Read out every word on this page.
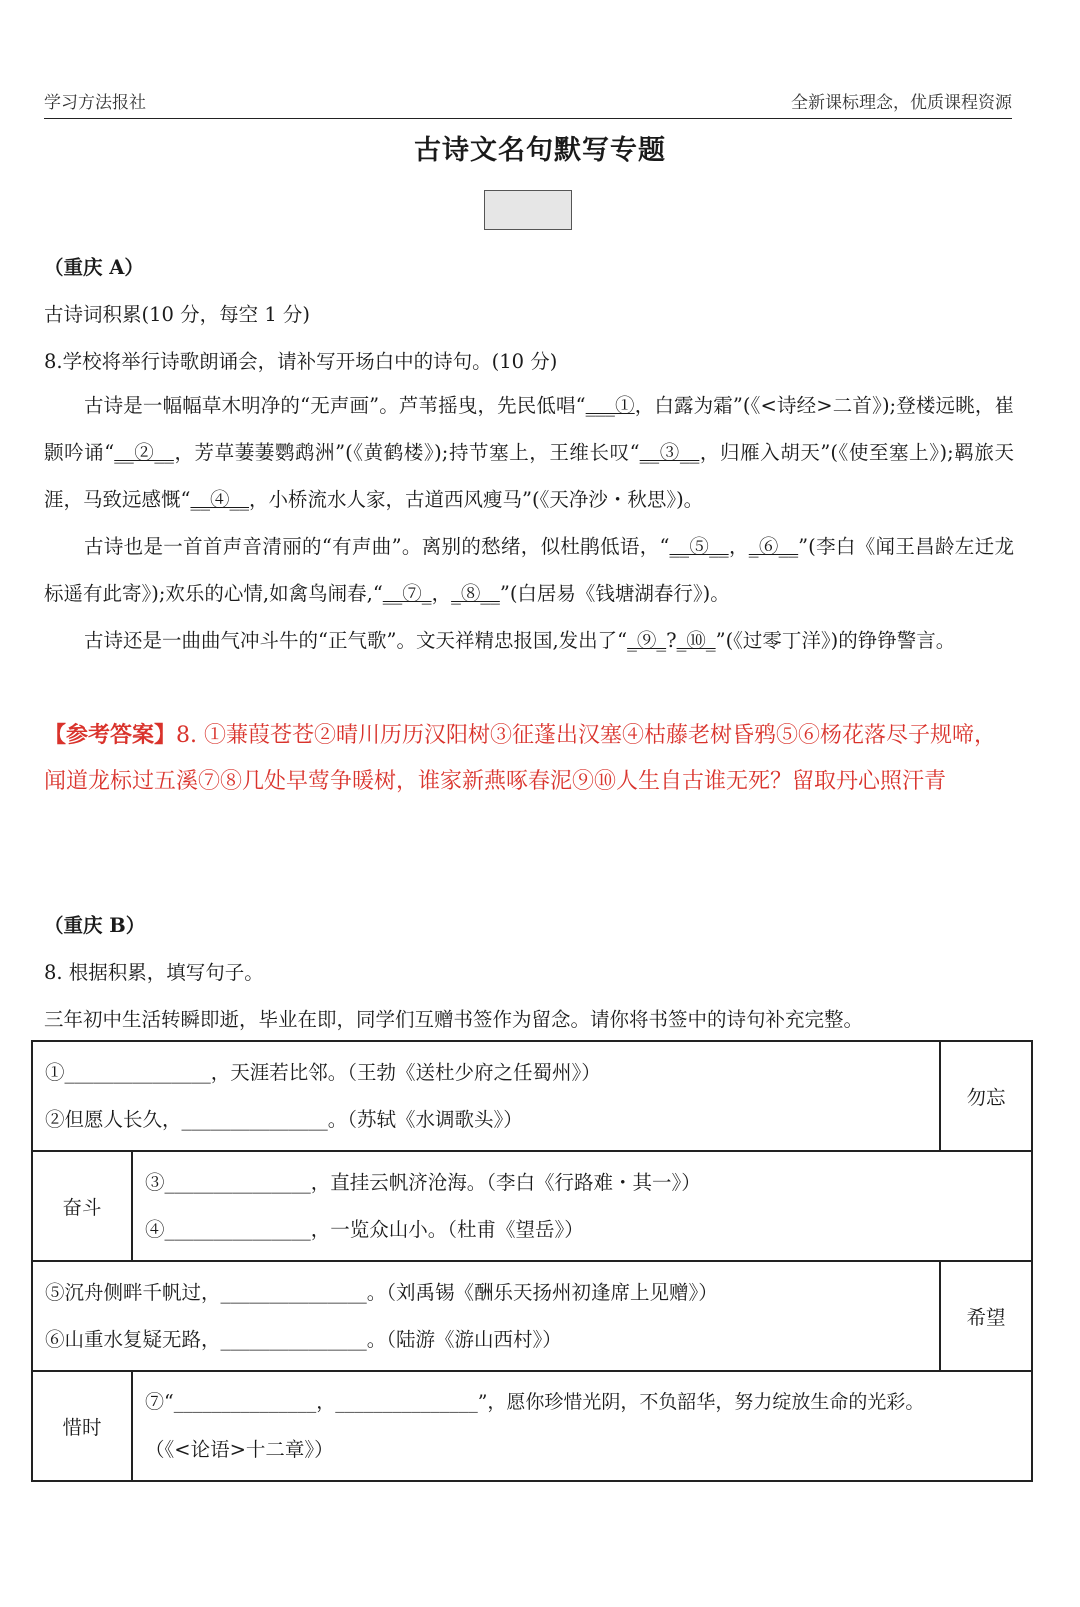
学习方法报社	全新课标理念，优质课程资源
古诗文名句默写专题
（重庆 A）
古诗词积累(10 分，每空 1 分)
8.学校将举行诗歌朗诵会，请补写开场白中的诗句。(10 分)
古诗是一幅幅草木明净的“无声画”。芦苇摇曳，先民低唱“___①，白露为霜”(《<诗经>二首》);登楼远眺，崔颢吟诵“__②__，芳草萋萋鹦鹉洲”(《黄鹤楼》);持节塞上，王维长叹“__③__，归雁入胡天”(《使至塞上》);羁旅天涯，马致远感慨“__④__，小桥流水人家，古道西风瘦马”(《天净沙・秋思》)。
古诗也是一首首声音清丽的“有声曲”。离别的愁绪，似杜鹃低语，“__⑤__，_⑥__”(李白《闻王昌龄左迁龙标遥有此寄》);欢乐的心情,如禽鸟闹春,“__⑦_，_⑧__”(白居易《钱塘湖春行》)。
古诗还是一曲曲气冲斗牛的“正气歌”。文天祥精忠报国,发出了“_⑨_?_⑩_”(《过零丁洋》)的铮铮警言。
【参考答案】8. ①蒹葭苍苍②晴川历历汉阳树③征蓬出汉塞④枯藤老树昏鸦⑤⑥杨花落尽子规啼，闻道龙标过五溪⑦⑧几处早莺争暖树，谁家新燕啄春泥⑨⑩人生自古谁无死？留取丹心照汗青
（重庆 B）
8. 根据积累，填写句子。
三年初中生活转瞬即逝，毕业在即，同学们互赠书签作为留念。请你将书签中的诗句补充完整。
①_______________，天涯若比邻。（王勃《送杜少府之任蜀州》）
②但愿人长久，_______________。（苏轼《水调歌头》）		勿忘
奋斗	③_______________，直挂云帆济沧海。（李白《行路难・其一》）
④_______________，一览众山小。（杜甫《望岳》）	

⑤沉舟侧畔千帆过，_______________。（刘禹锡《酬乐天扬州初逢席上见赠》）
⑥山重水复疑无路，_______________。（陆游《游山西村》）		希望
惜时	⑦“_______________，_______________”，愿你珍惜光阴，不负韶华，努力绽放生命的光彩。
（《<论语>十二章》）	
